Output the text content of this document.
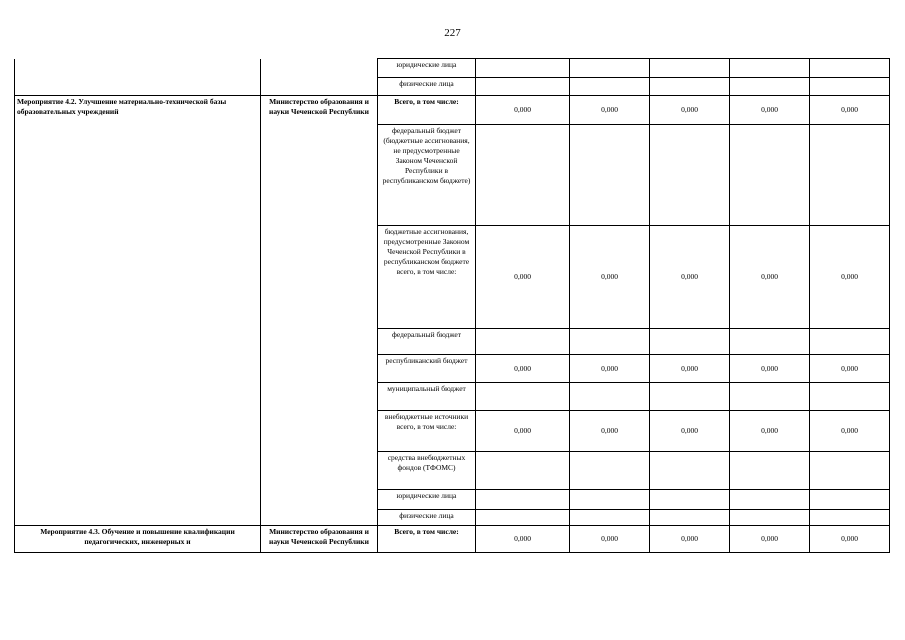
227
		юридические лица					
		физические лица					
Мероприятие 4.2. Улучшение материально-технической базы образовательных учреждений	Министерство образования и науки Чеченской Республики	Всего, в том числе:	0,000	0,000	0,000	0,000	0,000
		федеральный бюджет (бюджетные ассигнования, не предусмотренные Законом Чеченской Республики в республиканском бюджете)					
		бюджетные ассигнования, предусмотренные Законом Чеченской Республики в республиканском бюджете всего, в том числе:	0,000	0,000	0,000	0,000	0,000
		федеральный бюджет					
		республиканский бюджет	0,000	0,000	0,000	0,000	0,000
		муниципальный бюджет					
		внебюджетные источники всего, в том числе:	0,000	0,000	0,000	0,000	0,000
		средства внебюджетных фондов (ТФОМС)					
		юридические лица					
		физические лица					
Мероприятие 4.3. Обучение и повышение квалификации педагогических, инженерных и	Министерство образования и науки Чеченской Республики	Всего, в том числе:	0,000	0,000	0,000	0,000	0,000
